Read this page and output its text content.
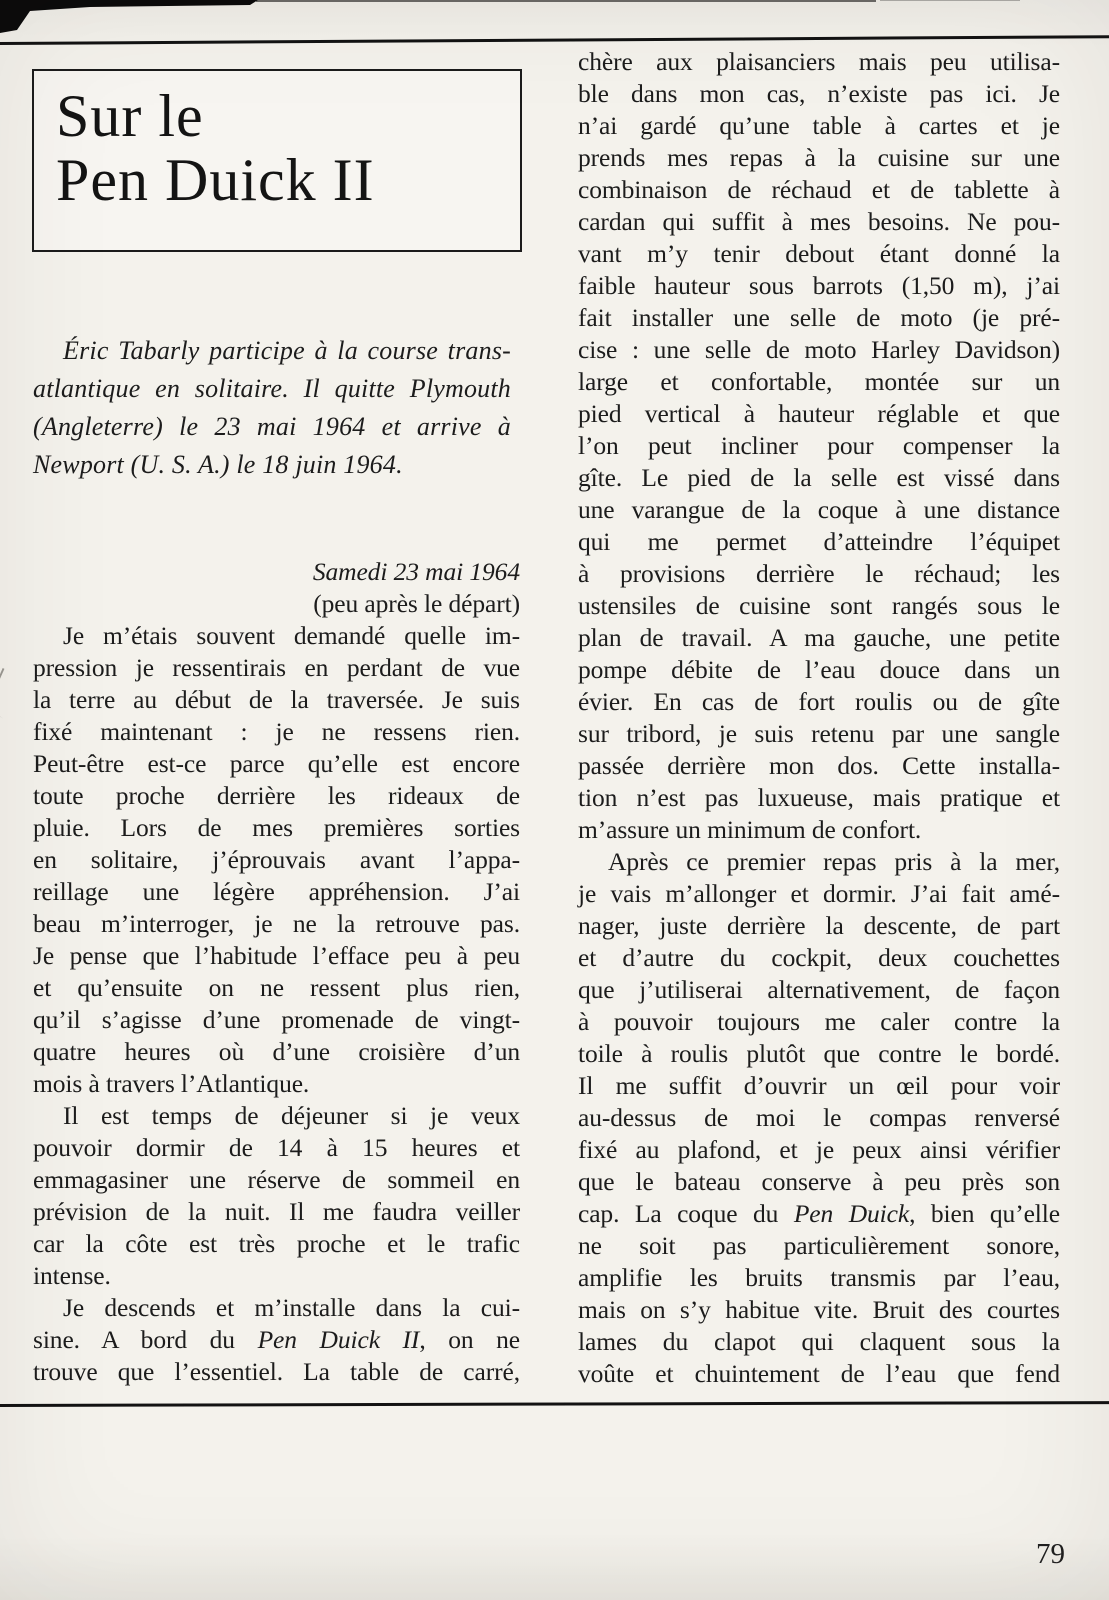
Sur le
Pen Duick II
Éric Tabarly participe à la course trans-
atlantique en solitaire. Il quitte Plymouth
(Angleterre) le 23 mai 1964 et arrive à
Newport (U. S. A.) le 18 juin 1964.
Samedi 23 mai 1964
(peu après le départ)
Je m’étais souvent demandé quelle im-
pression je ressentirais en perdant de vue
la terre au début de la traversée. Je suis
fixé maintenant : je ne ressens rien.
Peut-être est-ce parce qu’elle est encore
toute proche derrière les rideaux de
pluie. Lors de mes premières sorties
en solitaire, j’éprouvais avant l’appa-
reillage une légère appréhension. J’ai
beau m’interroger, je ne la retrouve pas.
Je pense que l’habitude l’efface peu à peu
et qu’ensuite on ne ressent plus rien,
qu’il s’agisse d’une promenade de vingt-
quatre heures où d’une croisière d’un
mois à travers l’Atlantique.
Il est temps de déjeuner si je veux
pouvoir dormir de 14 à 15 heures et
emmagasiner une réserve de sommeil en
prévision de la nuit. Il me faudra veiller
car la côte est très proche et le trafic
intense.
Je descends et m’installe dans la cui-
sine. A bord du Pen Duick II, on ne
trouve que l’essentiel. La table de carré,
chère aux plaisanciers mais peu utilisa-
ble dans mon cas, n’existe pas ici. Je
n’ai gardé qu’une table à cartes et je
prends mes repas à la cuisine sur une
combinaison de réchaud et de tablette à
cardan qui suffit à mes besoins. Ne pou-
vant m’y tenir debout étant donné la
faible hauteur sous barrots (1,50 m), j’ai
fait installer une selle de moto (je pré-
cise : une selle de moto Harley Davidson)
large et confortable, montée sur un
pied vertical à hauteur réglable et que
l’on peut incliner pour compenser la
gîte. Le pied de la selle est vissé dans
une varangue de la coque à une distance
qui me permet d’atteindre l’équipet
à provisions derrière le réchaud; les
ustensiles de cuisine sont rangés sous le
plan de travail. A ma gauche, une petite
pompe débite de l’eau douce dans un
évier. En cas de fort roulis ou de gîte
sur tribord, je suis retenu par une sangle
passée derrière mon dos. Cette installa-
tion n’est pas luxueuse, mais pratique et
m’assure un minimum de confort.
Après ce premier repas pris à la mer,
je vais m’allonger et dormir. J’ai fait amé-
nager, juste derrière la descente, de part
et d’autre du cockpit, deux couchettes
que j’utiliserai alternativement, de façon
à pouvoir toujours me caler contre la
toile à roulis plutôt que contre le bordé.
Il me suffit d’ouvrir un œil pour voir
au-dessus de moi le compas renversé
fixé au plafond, et je peux ainsi vérifier
que le bateau conserve à peu près son
cap. La coque du Pen Duick, bien qu’elle
ne soit pas particulièrement sonore,
amplifie les bruits transmis par l’eau,
mais on s’y habitue vite. Bruit des courtes
lames du clapot qui claquent sous la
voûte et chuintement de l’eau que fend
79
